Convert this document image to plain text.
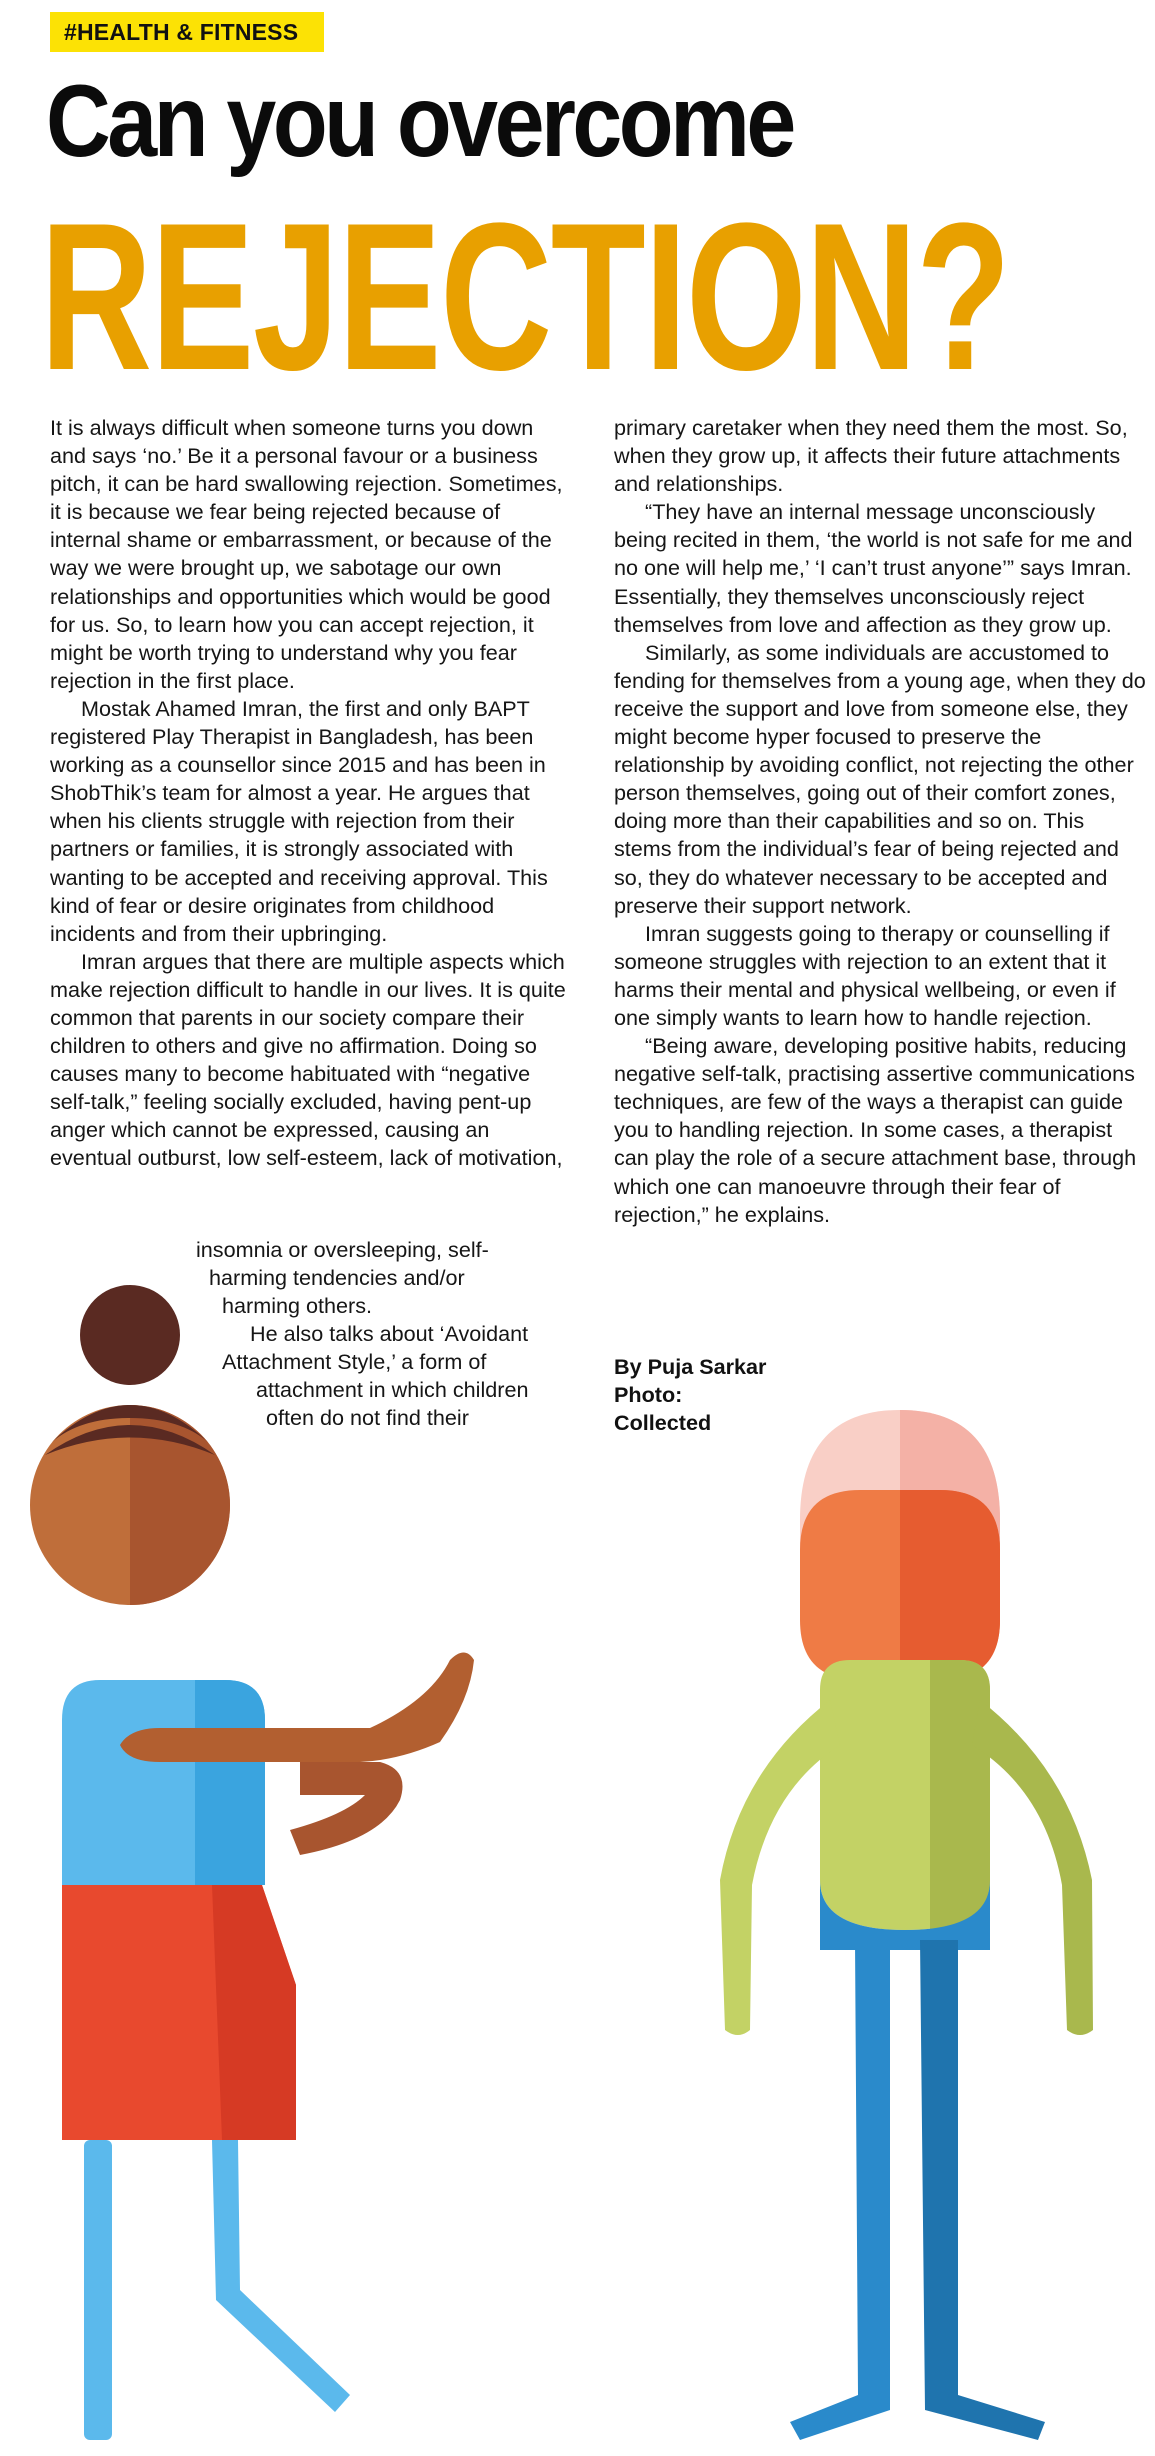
#HEALTH & FITNESS
Can you overcome
REJECTION?

It is always difficult when someone turns you down and says ‘no.’ Be it a personal favour or a business pitch, it can be hard swallowing rejection. Sometimes, it is because we fear being rejected because of internal shame or embarrassment, or because of the way we were brought up, we sabotage our own relationships and opportunities which would be good for us. So, to learn how you can accept rejection, it might be worth trying to understand why you fear rejection in the first place.

Mostak Ahamed Imran, the first and only BAPT registered Play Therapist in Bangladesh, has been working as a counsellor since 2015 and has been in ShobThik’s team for almost a year. He argues that when his clients struggle with rejection from their partners or families, it is strongly associated with wanting to be accepted and receiving approval. This kind of fear or desire originates from childhood incidents and from their upbringing.

Imran argues that there are multiple aspects which make rejection difficult to handle in our lives. It is quite common that parents in our society compare their children to others and give no affirmation. Doing so causes many to become habituated with “negative self-talk,” feeling socially excluded, having pent-up anger which cannot be expressed, causing an eventual outburst, low self-esteem, lack of motivation,

insomnia or oversleeping, self-
harming tendencies and/or
harming others.
He also talks about ‘Avoidant
Attachment Style,’ a form of
attachment in which children
often do not find their

primary caretaker when they need them the most. So, when they grow up, it affects their future attachments and relationships.

“They have an internal message unconsciously being recited in them, ‘the world is not safe for me and no one will help me,’ ‘I can’t trust anyone’” says Imran. Essentially, they themselves unconsciously reject themselves from love and affection as they grow up.

Similarly, as some individuals are accustomed to fending for themselves from a young age, when they do receive the support and love from someone else, they might become hyper focused to preserve the relationship by avoiding conflict, not rejecting the other person themselves, going out of their comfort zones, doing more than their capabilities and so on. This stems from the individual’s fear of being rejected and so, they do whatever necessary to be accepted and preserve their support network.

Imran suggests going to therapy or counselling if someone struggles with rejection to an extent that it harms their mental and physical wellbeing, or even if one simply wants to learn how to handle rejection.

“Being aware, developing positive habits, reducing negative self-talk, practising assertive communications techniques, are few of the ways a therapist can guide you to handling rejection. In some cases, a therapist can play the role of a secure attachment base, through which one can manoeuvre through their fear of rejection,” he explains.

By Puja Sarkar
Photo:
Collected
